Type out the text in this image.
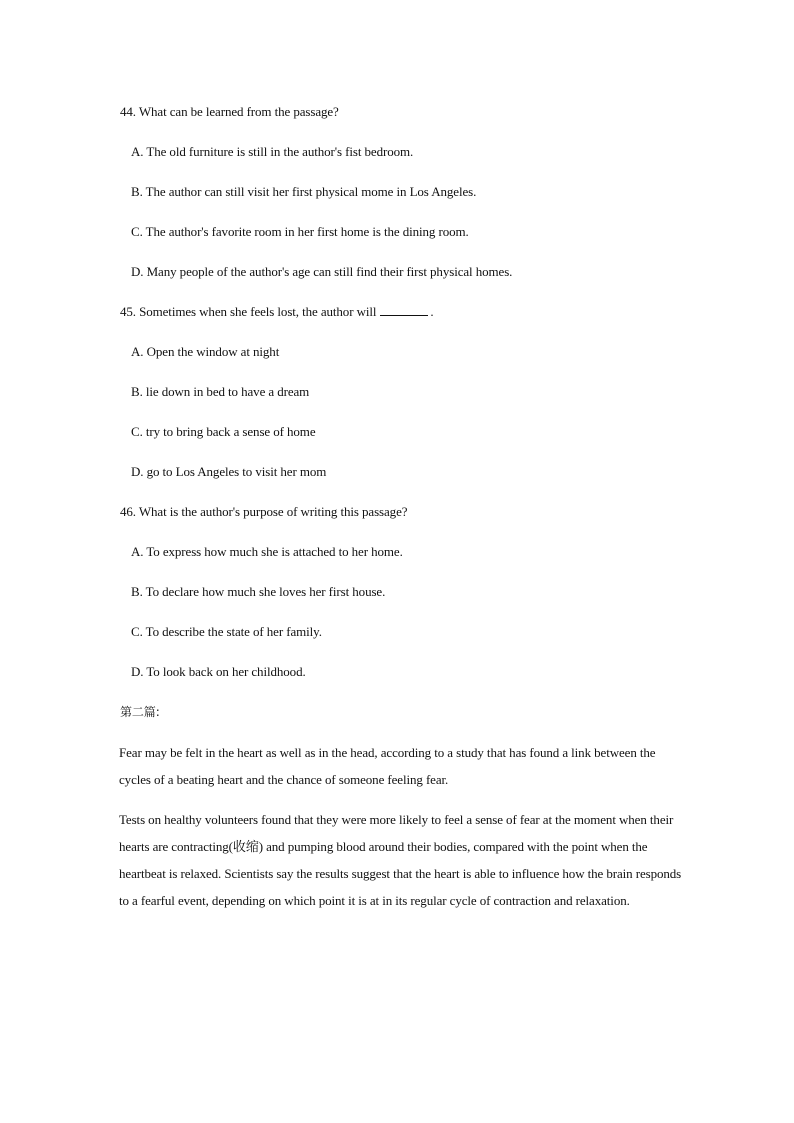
44. What can be learned from the passage?
A. The old furniture is still in the author's fist bedroom.
B. The author can still visit her first physical mome in Los Angeles.
C. The author's favorite room in her first home is the dining room.
D. Many people of the author's age can still find their first physical homes.
45. Sometimes when she feels lost, the author will	.
A. Open the window at night
B. lie down in bed to have a dream
C. try to bring back a sense of home
D. go to Los Angeles to visit her mom
46. What is the author's purpose of writing this passage?
A. To express how much she is attached to her home.
B. To declare how much she loves her first house.
C. To describe the state of her family.
D. To look back on her childhood.
第二篇:
Fear may be felt in the heart as well as in the head, according to a study that has found a link between the cycles of a beating heart and the chance of someone feeling fear.
Tests on healthy volunteers found that they were more likely to feel a sense of fear at the moment when their hearts are contracting(收缩) and pumping blood around their bodies, compared with the point when the heartbeat is relaxed. Scientists say the results suggest that the heart is able to influence how the brain responds to a fearful event, depending on which point it is at in its regular cycle of contraction and relaxation.
